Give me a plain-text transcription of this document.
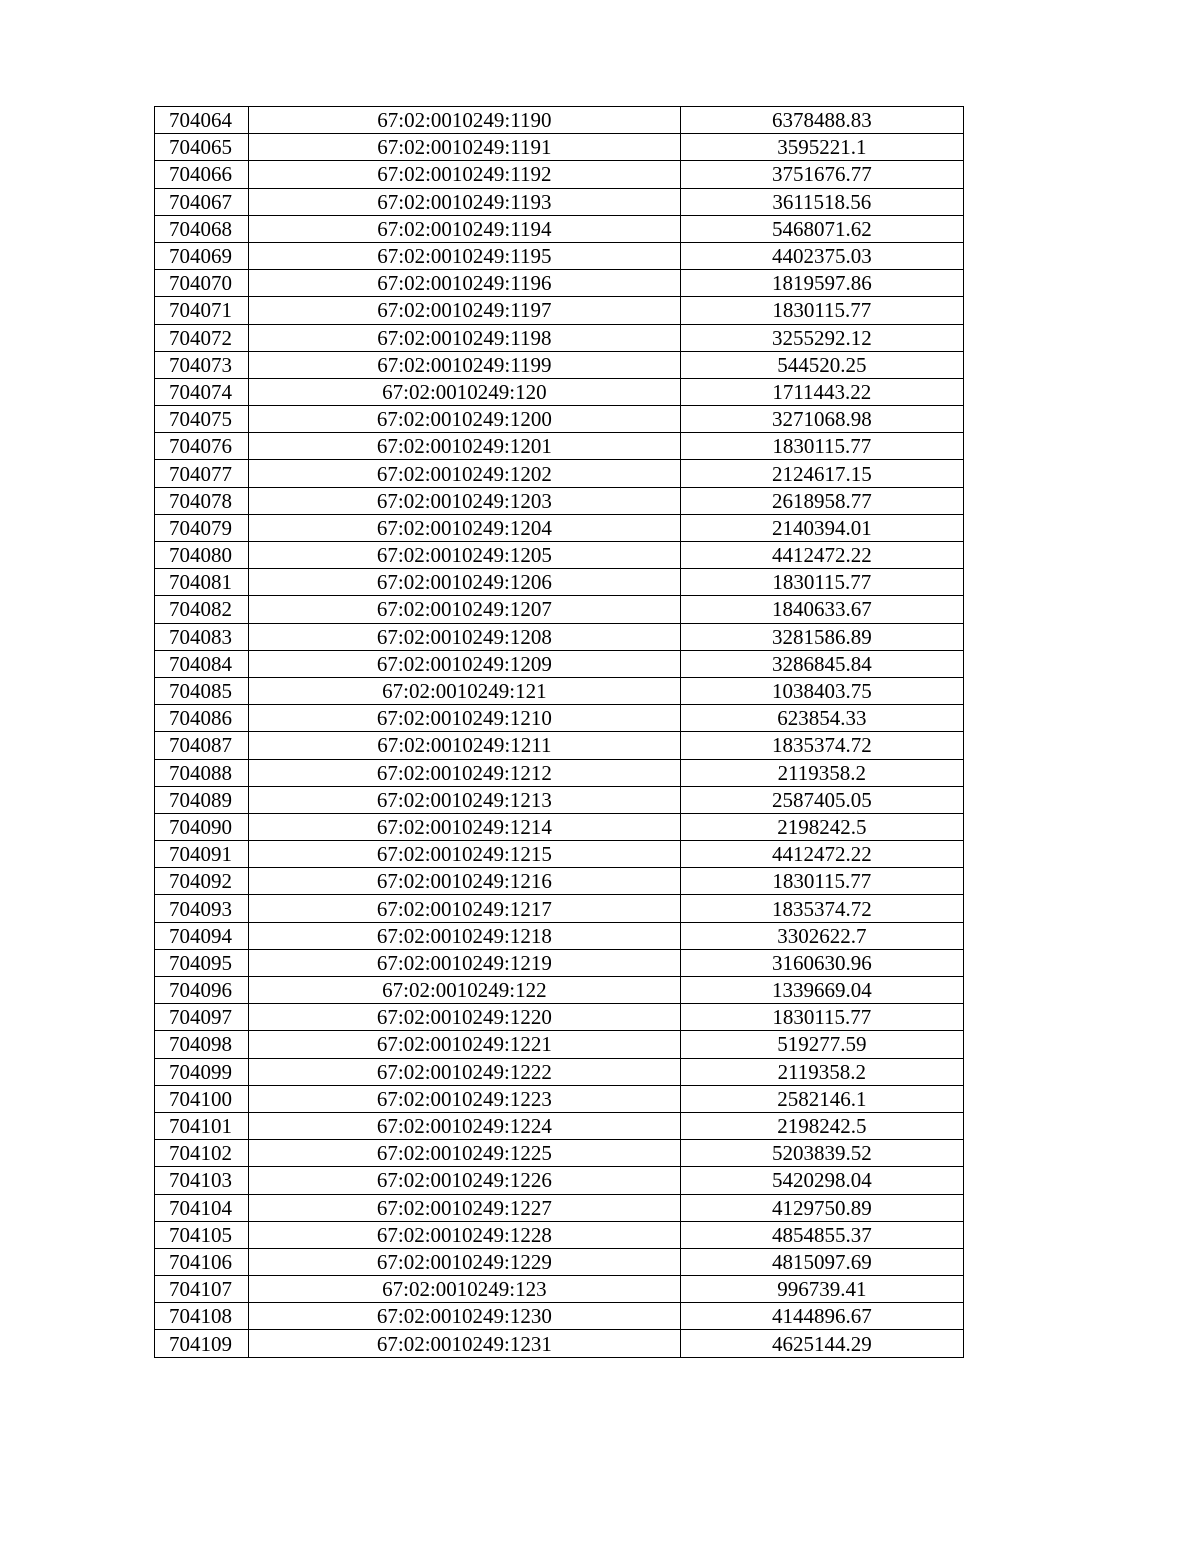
704064	67:02:0010249:1190	6378488.83
704065	67:02:0010249:1191	3595221.1
704066	67:02:0010249:1192	3751676.77
704067	67:02:0010249:1193	3611518.56
704068	67:02:0010249:1194	5468071.62
704069	67:02:0010249:1195	4402375.03
704070	67:02:0010249:1196	1819597.86
704071	67:02:0010249:1197	1830115.77
704072	67:02:0010249:1198	3255292.12
704073	67:02:0010249:1199	544520.25
704074	67:02:0010249:120	1711443.22
704075	67:02:0010249:1200	3271068.98
704076	67:02:0010249:1201	1830115.77
704077	67:02:0010249:1202	2124617.15
704078	67:02:0010249:1203	2618958.77
704079	67:02:0010249:1204	2140394.01
704080	67:02:0010249:1205	4412472.22
704081	67:02:0010249:1206	1830115.77
704082	67:02:0010249:1207	1840633.67
704083	67:02:0010249:1208	3281586.89
704084	67:02:0010249:1209	3286845.84
704085	67:02:0010249:121	1038403.75
704086	67:02:0010249:1210	623854.33
704087	67:02:0010249:1211	1835374.72
704088	67:02:0010249:1212	2119358.2
704089	67:02:0010249:1213	2587405.05
704090	67:02:0010249:1214	2198242.5
704091	67:02:0010249:1215	4412472.22
704092	67:02:0010249:1216	1830115.77
704093	67:02:0010249:1217	1835374.72
704094	67:02:0010249:1218	3302622.7
704095	67:02:0010249:1219	3160630.96
704096	67:02:0010249:122	1339669.04
704097	67:02:0010249:1220	1830115.77
704098	67:02:0010249:1221	519277.59
704099	67:02:0010249:1222	2119358.2
704100	67:02:0010249:1223	2582146.1
704101	67:02:0010249:1224	2198242.5
704102	67:02:0010249:1225	5203839.52
704103	67:02:0010249:1226	5420298.04
704104	67:02:0010249:1227	4129750.89
704105	67:02:0010249:1228	4854855.37
704106	67:02:0010249:1229	4815097.69
704107	67:02:0010249:123	996739.41
704108	67:02:0010249:1230	4144896.67
704109	67:02:0010249:1231	4625144.29
